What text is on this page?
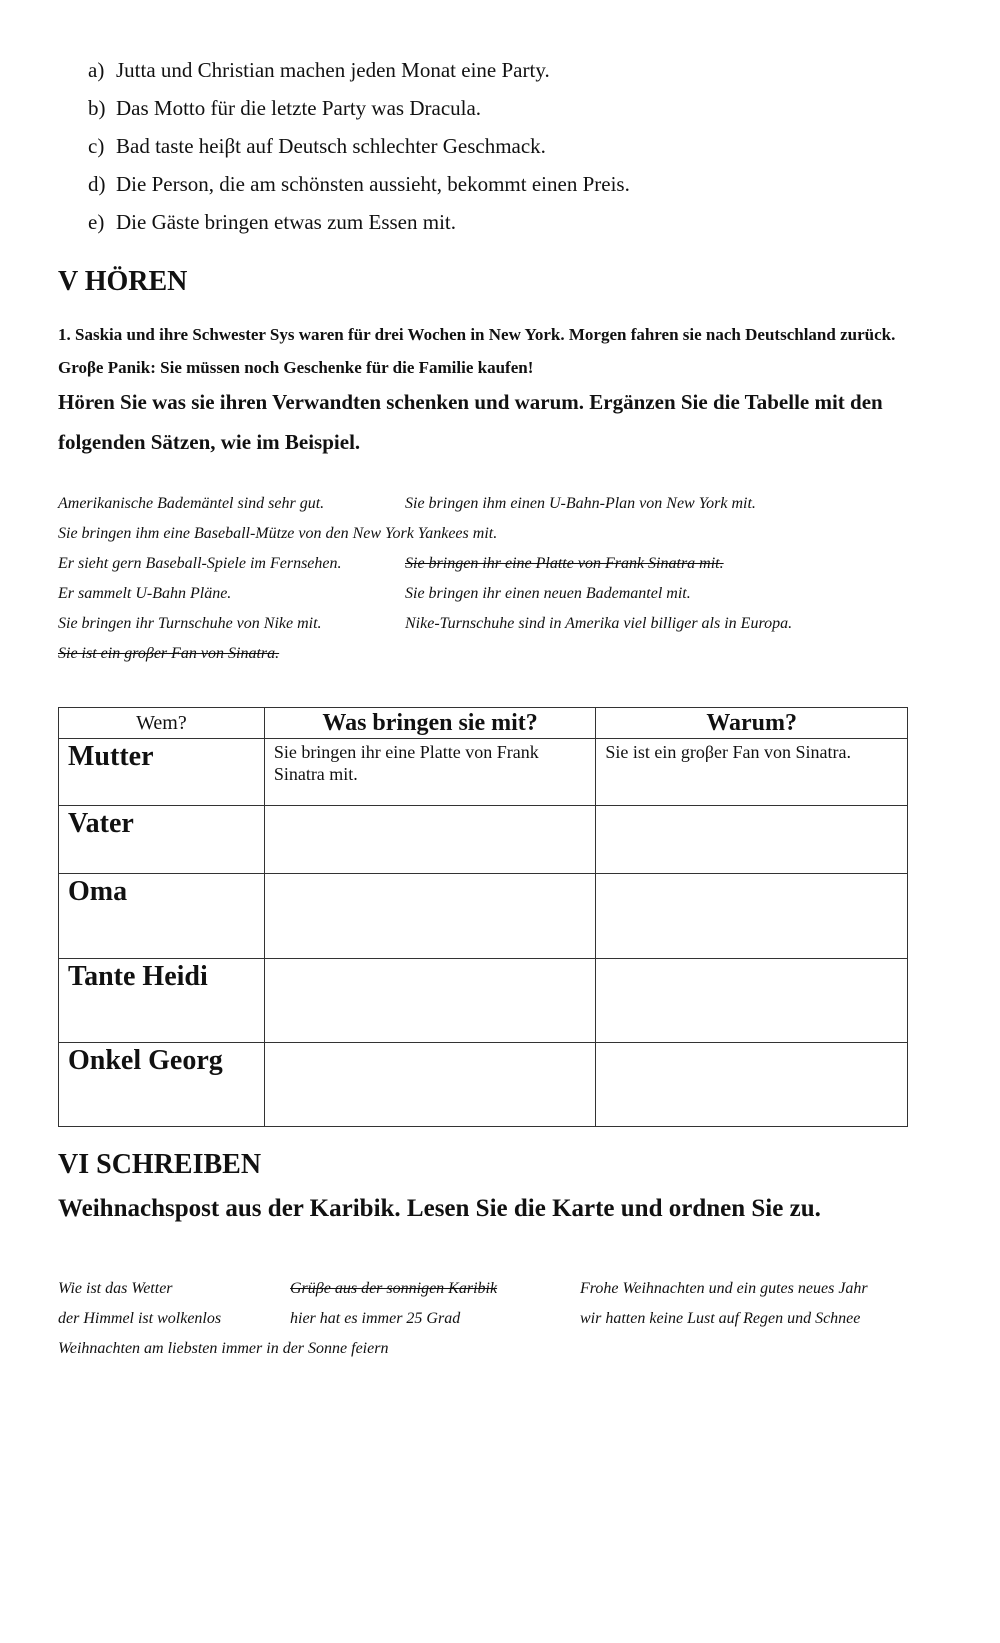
a) Jutta und Christian machen jeden Monat eine Party.
b) Das Motto für die letzte Party was Dracula.
c) Bad taste heiβt auf Deutsch schlechter Geschmack.
d) Die Person, die am schönsten aussieht, bekommt einen Preis.
e) Die Gäste bringen etwas zum Essen mit.
V HÖREN
1. Saskia und ihre Schwester Sys waren für drei Wochen in New York. Morgen fahren sie nach Deutschland zurück. Groβe Panik: Sie müssen noch Geschenke für die Familie kaufen!
Hören Sie was sie ihren Verwandten schenken und warum. Ergänzen Sie die Tabelle mit den folgenden Sätzen, wie im Beispiel.
Amerikanische Bademäntel sind sehr gut.	Sie bringen ihm einen U-Bahn-Plan von New York mit.
Sie bringen ihm eine Baseball-Mütze von den New York Yankees mit.
Er sieht gern Baseball-Spiele im Fernsehen.	Sie bringen ihr eine Platte von Frank Sinatra mit.
Er sammelt U-Bahn Pläne.	Sie bringen ihr einen neuen Bademantel mit.
Sie bringen ihr Turnschuhe von Nike mit.	Nike-Turnschuhe sind in Amerika viel billiger als in Europa.
Sie ist ein groβer Fan von Sinatra.
Wem?	Was bringen sie mit?	Warum?

Mutter	Sie bringen ihr eine Platte von Frank Sinatra mit.	Sie ist ein groβer Fan von Sinatra.

Vater		

Oma		

Tante Heidi		

Onkel Georg		

VI SCHREIBEN
Weihnachspost aus der Karibik. Lesen Sie die Karte und ordnen Sie zu.
Wie ist das Wetter	Grüβe aus der sonnigen Karibik	Frohe Weihnachten und ein gutes neues Jahr
der Himmel ist wolkenlos	hier hat es immer 25 Grad	wir hatten keine Lust auf Regen und Schnee
Weihnachten am liebsten immer in der Sonne feiern
